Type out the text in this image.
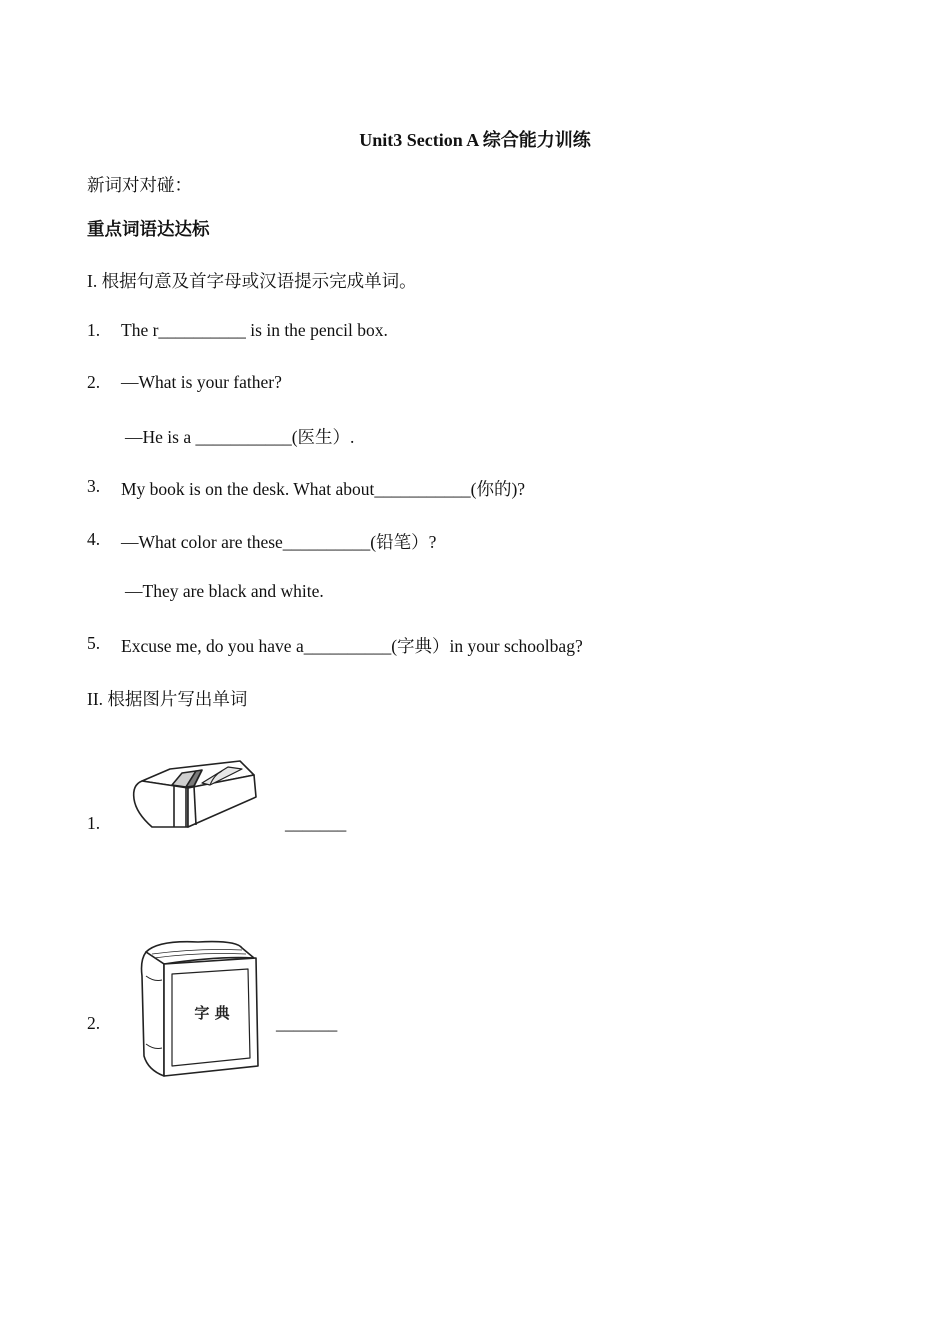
Unit3 Section A 综合能力训练
新词对对碰：
重点词语达达标
I. 根据句意及首字母或汉语提示完成单词。
1.	The r__________ is in the pencil box.
2.	—What is your father?
—He is a ___________(医生）.
3.	My book is on the desk. What about___________(你的)?
4.	—What color are these__________(铅笔）?
—They are black and white.
5.	Excuse me, do you have a__________(字典）in your schoolbag?
II. 根据图片写出单词
1.	_______
2.	字 典	_______
